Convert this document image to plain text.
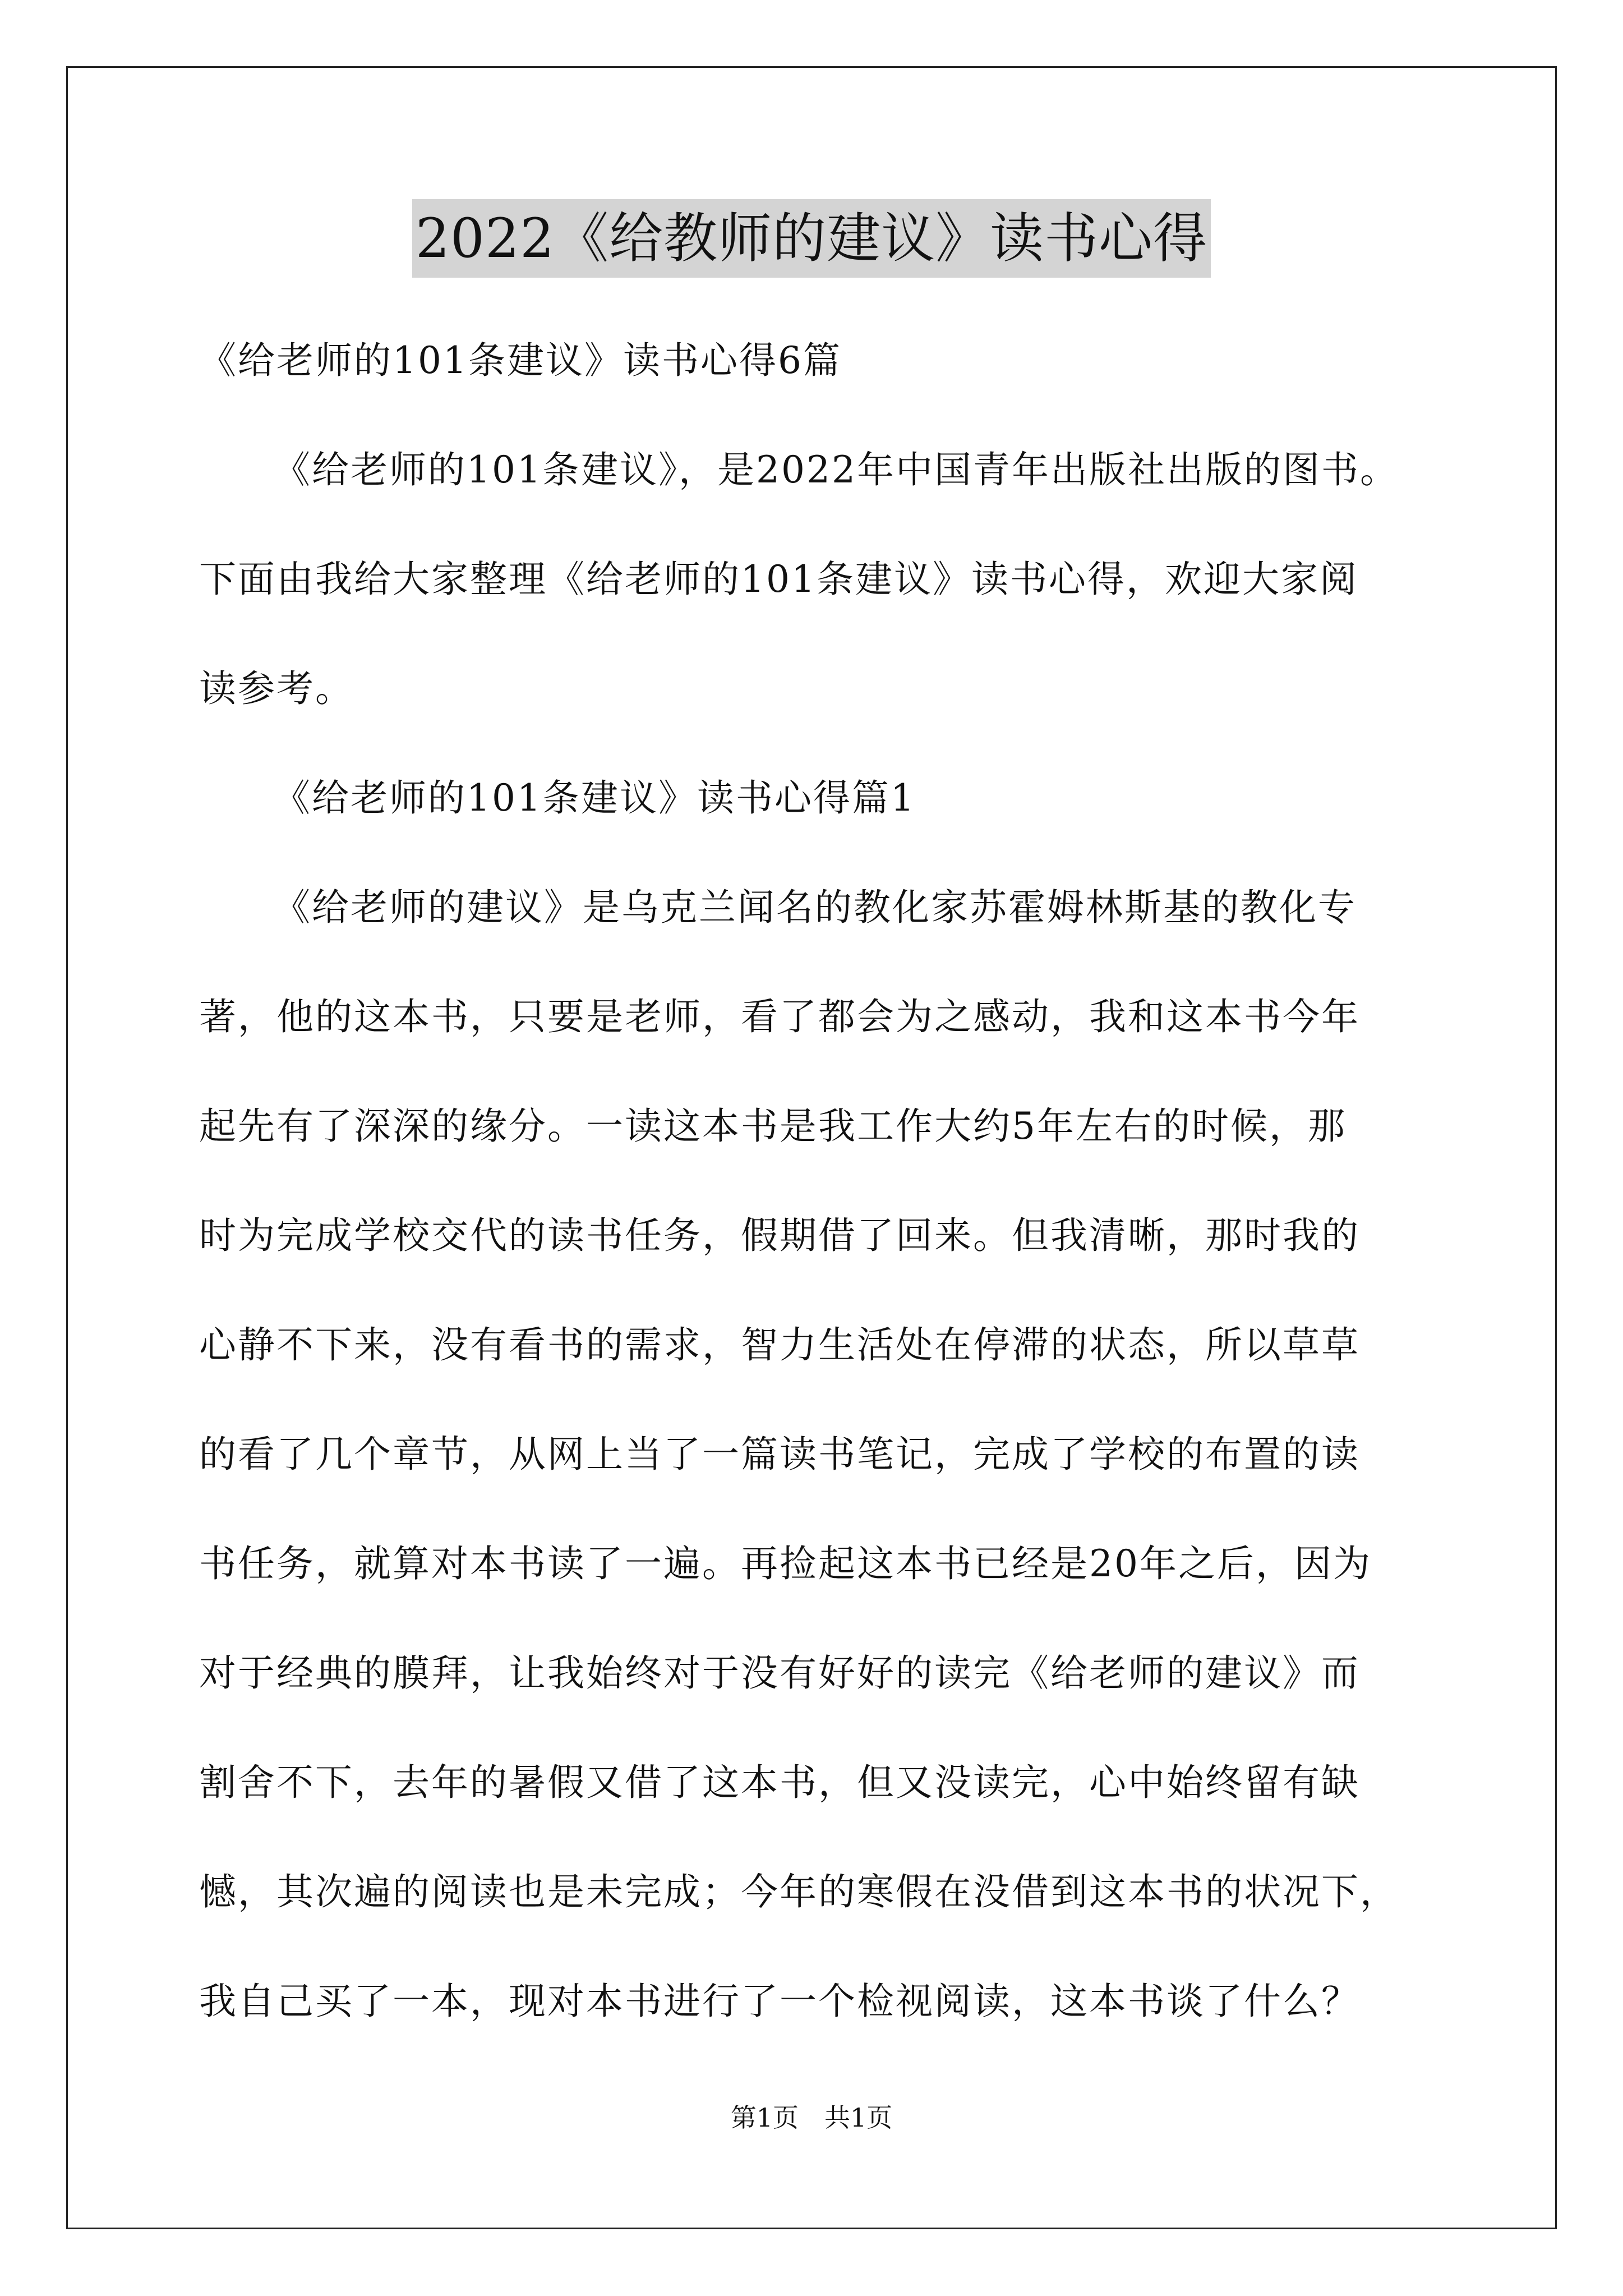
2022《给教师的建议》读书心得

《给老师的101条建议》读书心得6篇

《给老师的101条建议》，是2022年中国青年出版社出版的图书。

下面由我给大家整理《给老师的101条建议》读书心得，欢迎大家阅

读参考。

《给老师的101条建议》读书心得篇1

《给老师的建议》是乌克兰闻名的教化家苏霍姆林斯基的教化专

著，他的这本书，只要是老师，看了都会为之感动，我和这本书今年

起先有了深深的缘分。一读这本书是我工作大约5年左右的时候，那

时为完成学校交代的读书任务，假期借了回来。但我清晰，那时我的

心静不下来，没有看书的需求，智力生活处在停滞的状态，所以草草

的看了几个章节，从网上当了一篇读书笔记，完成了学校的布置的读

书任务，就算对本书读了一遍。再捡起这本书已经是20年之后，因为

对于经典的膜拜，让我始终对于没有好好的读完《给老师的建议》而

割舍不下，去年的暑假又借了这本书，但又没读完，心中始终留有缺

憾，其次遍的阅读也是未完成；今年的寒假在没借到这本书的状况下，

我自己买了一本，现对本书进行了一个检视阅读，这本书谈了什么？

第1页　共1页
